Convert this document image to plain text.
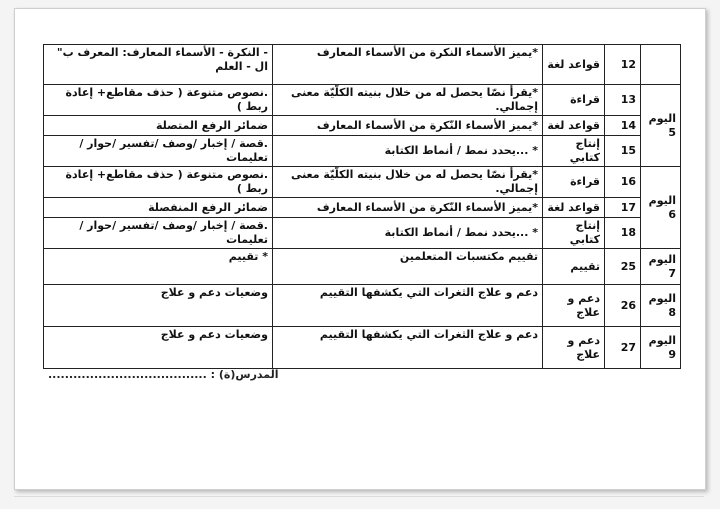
	12	قواعد لغة	*يميز الأسماء النكرة من الأسماء المعارف	- النكرة - الأسماء المعارف: المعرف ب" ال - العلم
اليوم 5	13	قراءة	*يقرأ نصّا يحصل له من خلال بنيته الكلّيّة معنى إجمالي.	.نصوص متنوعة ( حذف مقاطع+ إعادة ربط )
	14	قواعد لغة	*يميز الأسماء النّكرة من الأسماء المعارف	ضمائر الرفع المتصلة
	15	إنتاج كتابي	* ...يحدد نمط / أنماط الكتابة	.قصة / إخبار /وصف /تفسير /حوار /تعليمات
اليوم 6	16	قراءة	*يقرأ نصّا يحصل له من خلال بنيته الكلّيّة معنى إجمالي.	.نصوص متنوعة ( حذف مقاطع+ إعادة ربط )
	17	قواعد لغة	*يميز الأسماء النّكرة من الأسماء المعارف	ضمائر الرفع المنفصلة
	18	إنتاج كتابي	* ...يحدد نمط / أنماط الكتابة	.قصة / إخبار /وصف /تفسير /حوار /تعليمات
اليوم 7	25	تقييم	تقييم مكتسبات المتعلمين	* تقييم
اليوم 8	26	دعم و علاج	دعم و علاج الثغرات التي يكشفها التقييم	وضعيات دعم و علاج
اليوم 9	27	دعم و علاج	دعم و علاج الثغرات التي يكشفها التقييم	وضعيات دعم و علاج
المدرس(ة) : ......................................
